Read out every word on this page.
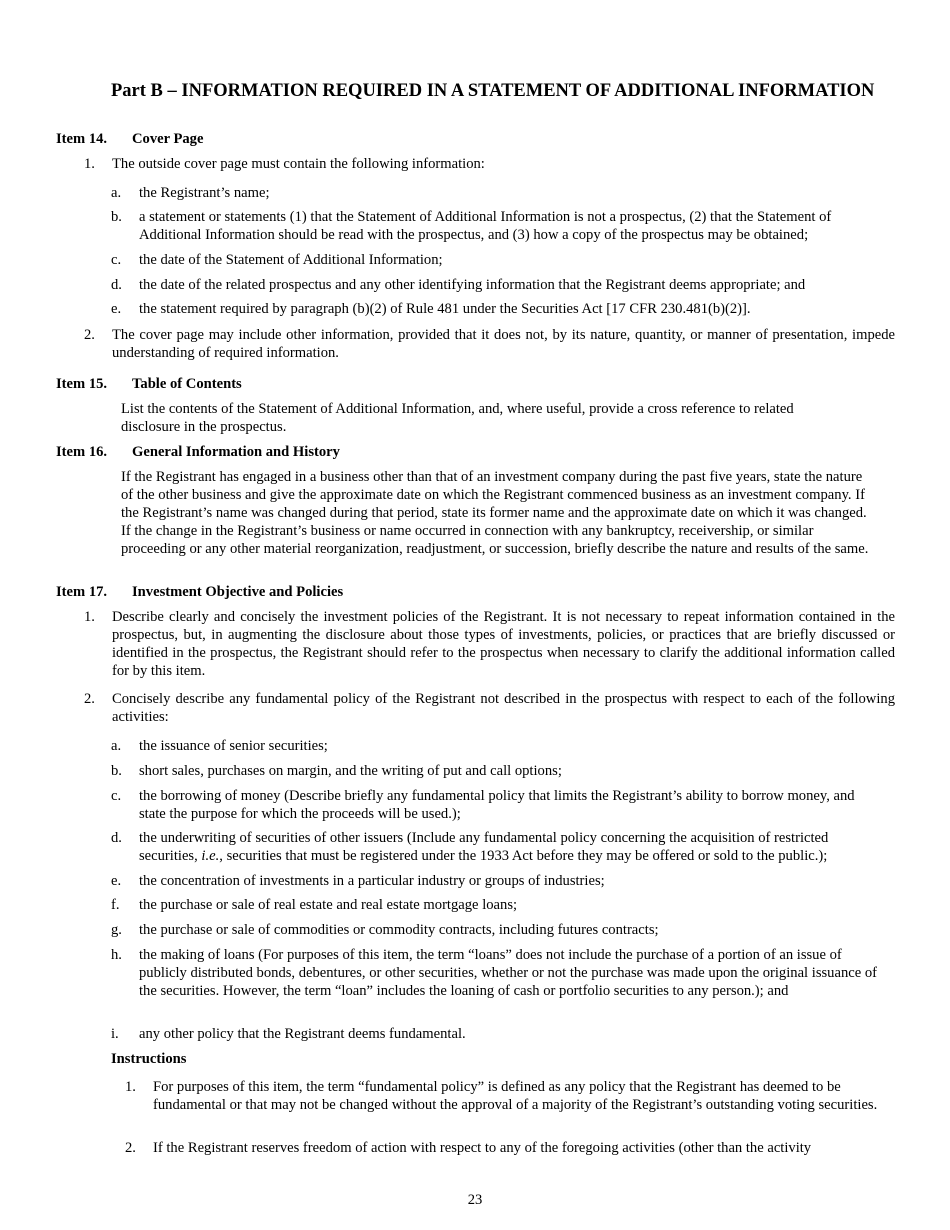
Part B – INFORMATION REQUIRED IN A STATEMENT OF ADDITIONAL INFORMATION
Item 14. Cover Page
1. The outside cover page must contain the following information:
a. the Registrant’s name;
b. a statement or statements (1) that the Statement of Additional Information is not a prospectus, (2) that the Statement of Additional Information should be read with the prospectus, and (3) how a copy of the prospectus may be obtained;
c. the date of the Statement of Additional Information;
d. the date of the related prospectus and any other identifying information that the Registrant deems appropriate; and
e. the statement required by paragraph (b)(2) of Rule 481 under the Securities Act [17 CFR 230.481(b)(2)].
2. The cover page may include other information, provided that it does not, by its nature, quantity, or manner of presentation, impede understanding of required information.
Item 15. Table of Contents
List the contents of the Statement of Additional Information, and, where useful, provide a cross reference to related disclosure in the prospectus.
Item 16. General Information and History
If the Registrant has engaged in a business other than that of an investment company during the past five years, state the nature of the other business and give the approximate date on which the Registrant commenced business as an investment company. If the Registrant’s name was changed during that period, state its former name and the approximate date on which it was changed. If the change in the Registrant’s business or name occurred in connection with any bankruptcy, receivership, or similar proceeding or any other material reorganization, readjustment, or succession, briefly describe the nature and results of the same.
Item 17. Investment Objective and Policies
1. Describe clearly and concisely the investment policies of the Registrant. It is not necessary to repeat information contained in the prospectus, but, in augmenting the disclosure about those types of investments, policies, or practices that are briefly discussed or identified in the prospectus, the Registrant should refer to the prospectus when necessary to clarify the additional information called for by this item.
2. Concisely describe any fundamental policy of the Registrant not described in the prospectus with respect to each of the following activities:
a. the issuance of senior securities;
b. short sales, purchases on margin, and the writing of put and call options;
c. the borrowing of money (Describe briefly any fundamental policy that limits the Registrant’s ability to borrow money, and state the purpose for which the proceeds will be used.);
d. the underwriting of securities of other issuers (Include any fundamental policy concerning the acquisition of restricted securities, i.e., securities that must be registered under the 1933 Act before they may be offered or sold to the public.);
e. the concentration of investments in a particular industry or groups of industries;
f. the purchase or sale of real estate and real estate mortgage loans;
g. the purchase or sale of commodities or commodity contracts, including futures contracts;
h. the making of loans (For purposes of this item, the term “loans” does not include the purchase of a portion of an issue of publicly distributed bonds, debentures, or other securities, whether or not the purchase was made upon the original issuance of the securities. However, the term “loan” includes the loaning of cash or portfolio securities to any person.); and
i. any other policy that the Registrant deems fundamental.
Instructions
1. For purposes of this item, the term “fundamental policy” is defined as any policy that the Registrant has deemed to be fundamental or that may not be changed without the approval of a majority of the Registrant’s outstanding voting securities.
2. If the Registrant reserves freedom of action with respect to any of the foregoing activities (other than the activity
23
